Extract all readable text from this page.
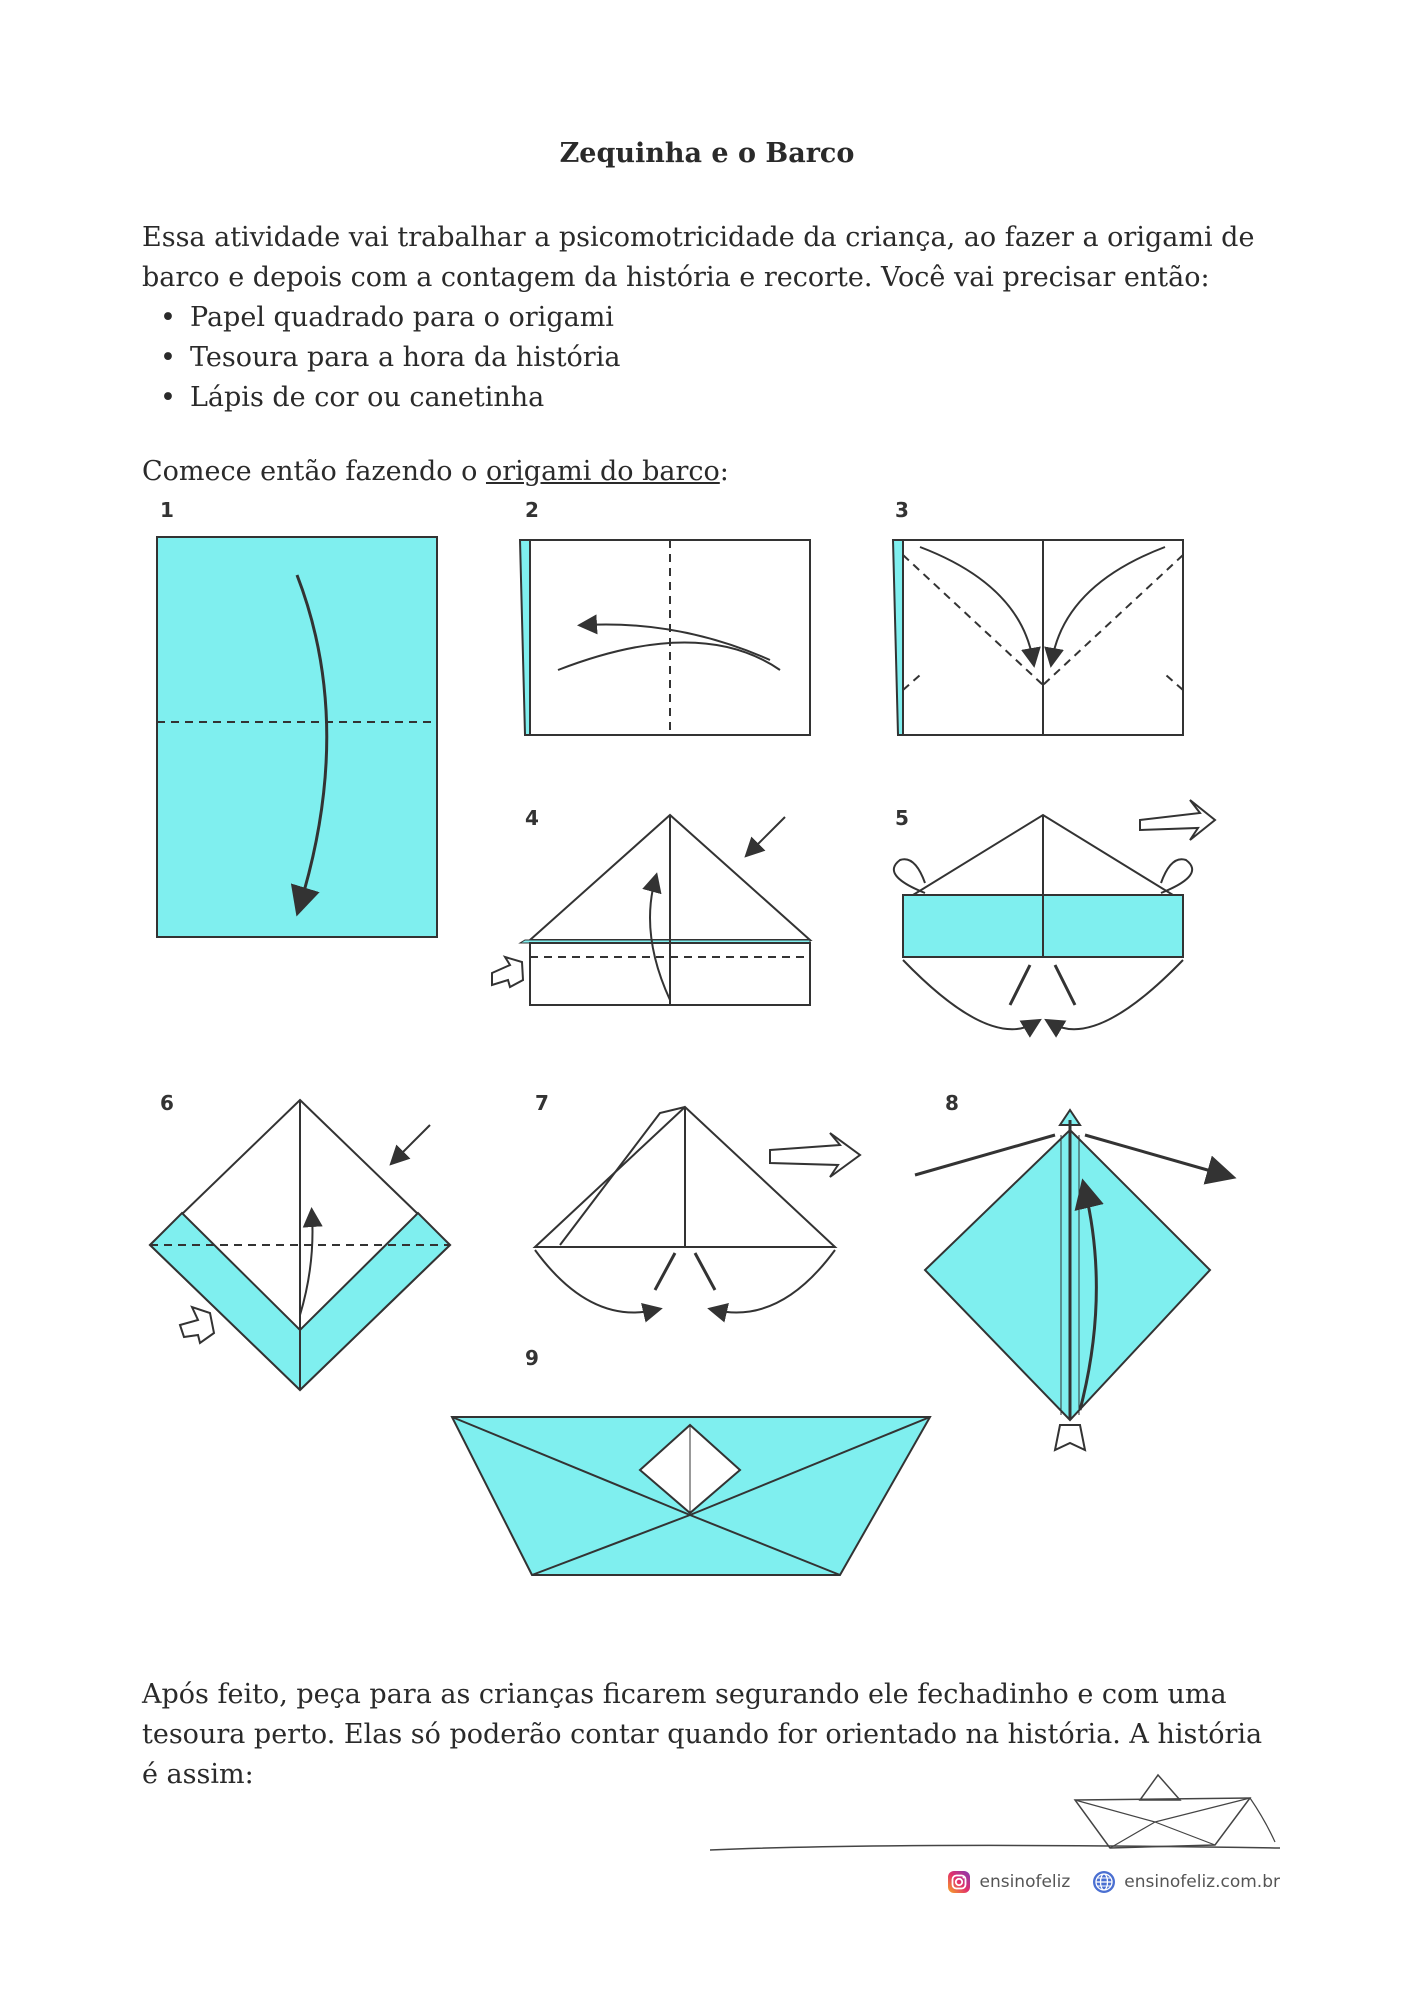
Zequinha e o Barco

Essa atividade vai trabalhar a psicomotricidade da criança, ao fazer a origami de barco e depois com a contagem da história e recorte. Você vai precisar então:

• Papel quadrado para o origami
• Tesoura para a hora da história
• Lápis de cor ou canetinha

Comece então fazendo o origami do barco:

1	2	3
4	5
6	7	8
9

Após feito, peça para as crianças ficarem segurando ele fechadinho e com uma tesoura perto. Elas só poderão contar quando for orientado na história. A história é assim:

ensinofeliz	ensinofeliz.com.br
